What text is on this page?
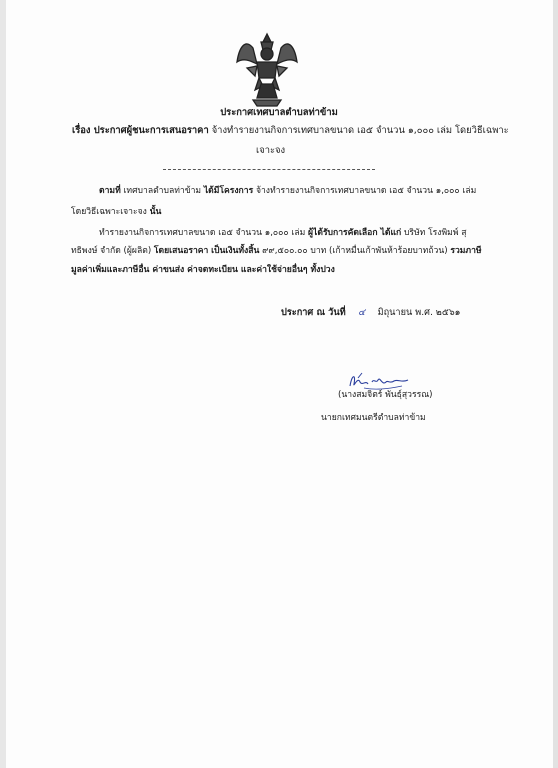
ประกาศเทศบาลตำบลท่าข้าม
เรื่อง ประกาศผู้ชนะการเสนอราคา จ้างทำรายงานกิจการเทศบาลขนาด เอ๕ จำนวน ๑,๐๐๐ เล่ม โดยวิธีเฉพาะ
เจาะจง
ตามที่ เทศบาลตำบลท่าข้าม ได้มีโครงการ จ้างทำรายงานกิจการเทศบาลขนาด เอ๕ จำนวน ๑,๐๐๐ เล่ม
โดยวิธีเฉพาะเจาะจง นั้น
ทำรายงานกิจการเทศบาลขนาด เอ๕ จำนวน ๑,๐๐๐ เล่ม ผู้ได้รับการคัดเลือก ได้แก่ บริษัท โรงพิมพ์ สุ
ทธิพงษ์ จำกัด (ผู้ผลิต) โดยเสนอราคา เป็นเงินทั้งสิ้น ๙๙,๕๐๐.๐๐ บาท (เก้าหมื่นเก้าพันห้าร้อยบาทถ้วน) รวมภาษี
มูลค่าเพิ่มและภาษีอื่น ค่าขนส่ง ค่าจดทะเบียน และค่าใช้จ่ายอื่นๆ ทั้งปวง
ประกาศ ณ วันที่ ๔ มิถุนายน พ.ศ. ๒๕๖๑
(นางสมจิตร์ พันธุ์สุวรรณ)
นายกเทศมนตรีตำบลท่าข้าม
